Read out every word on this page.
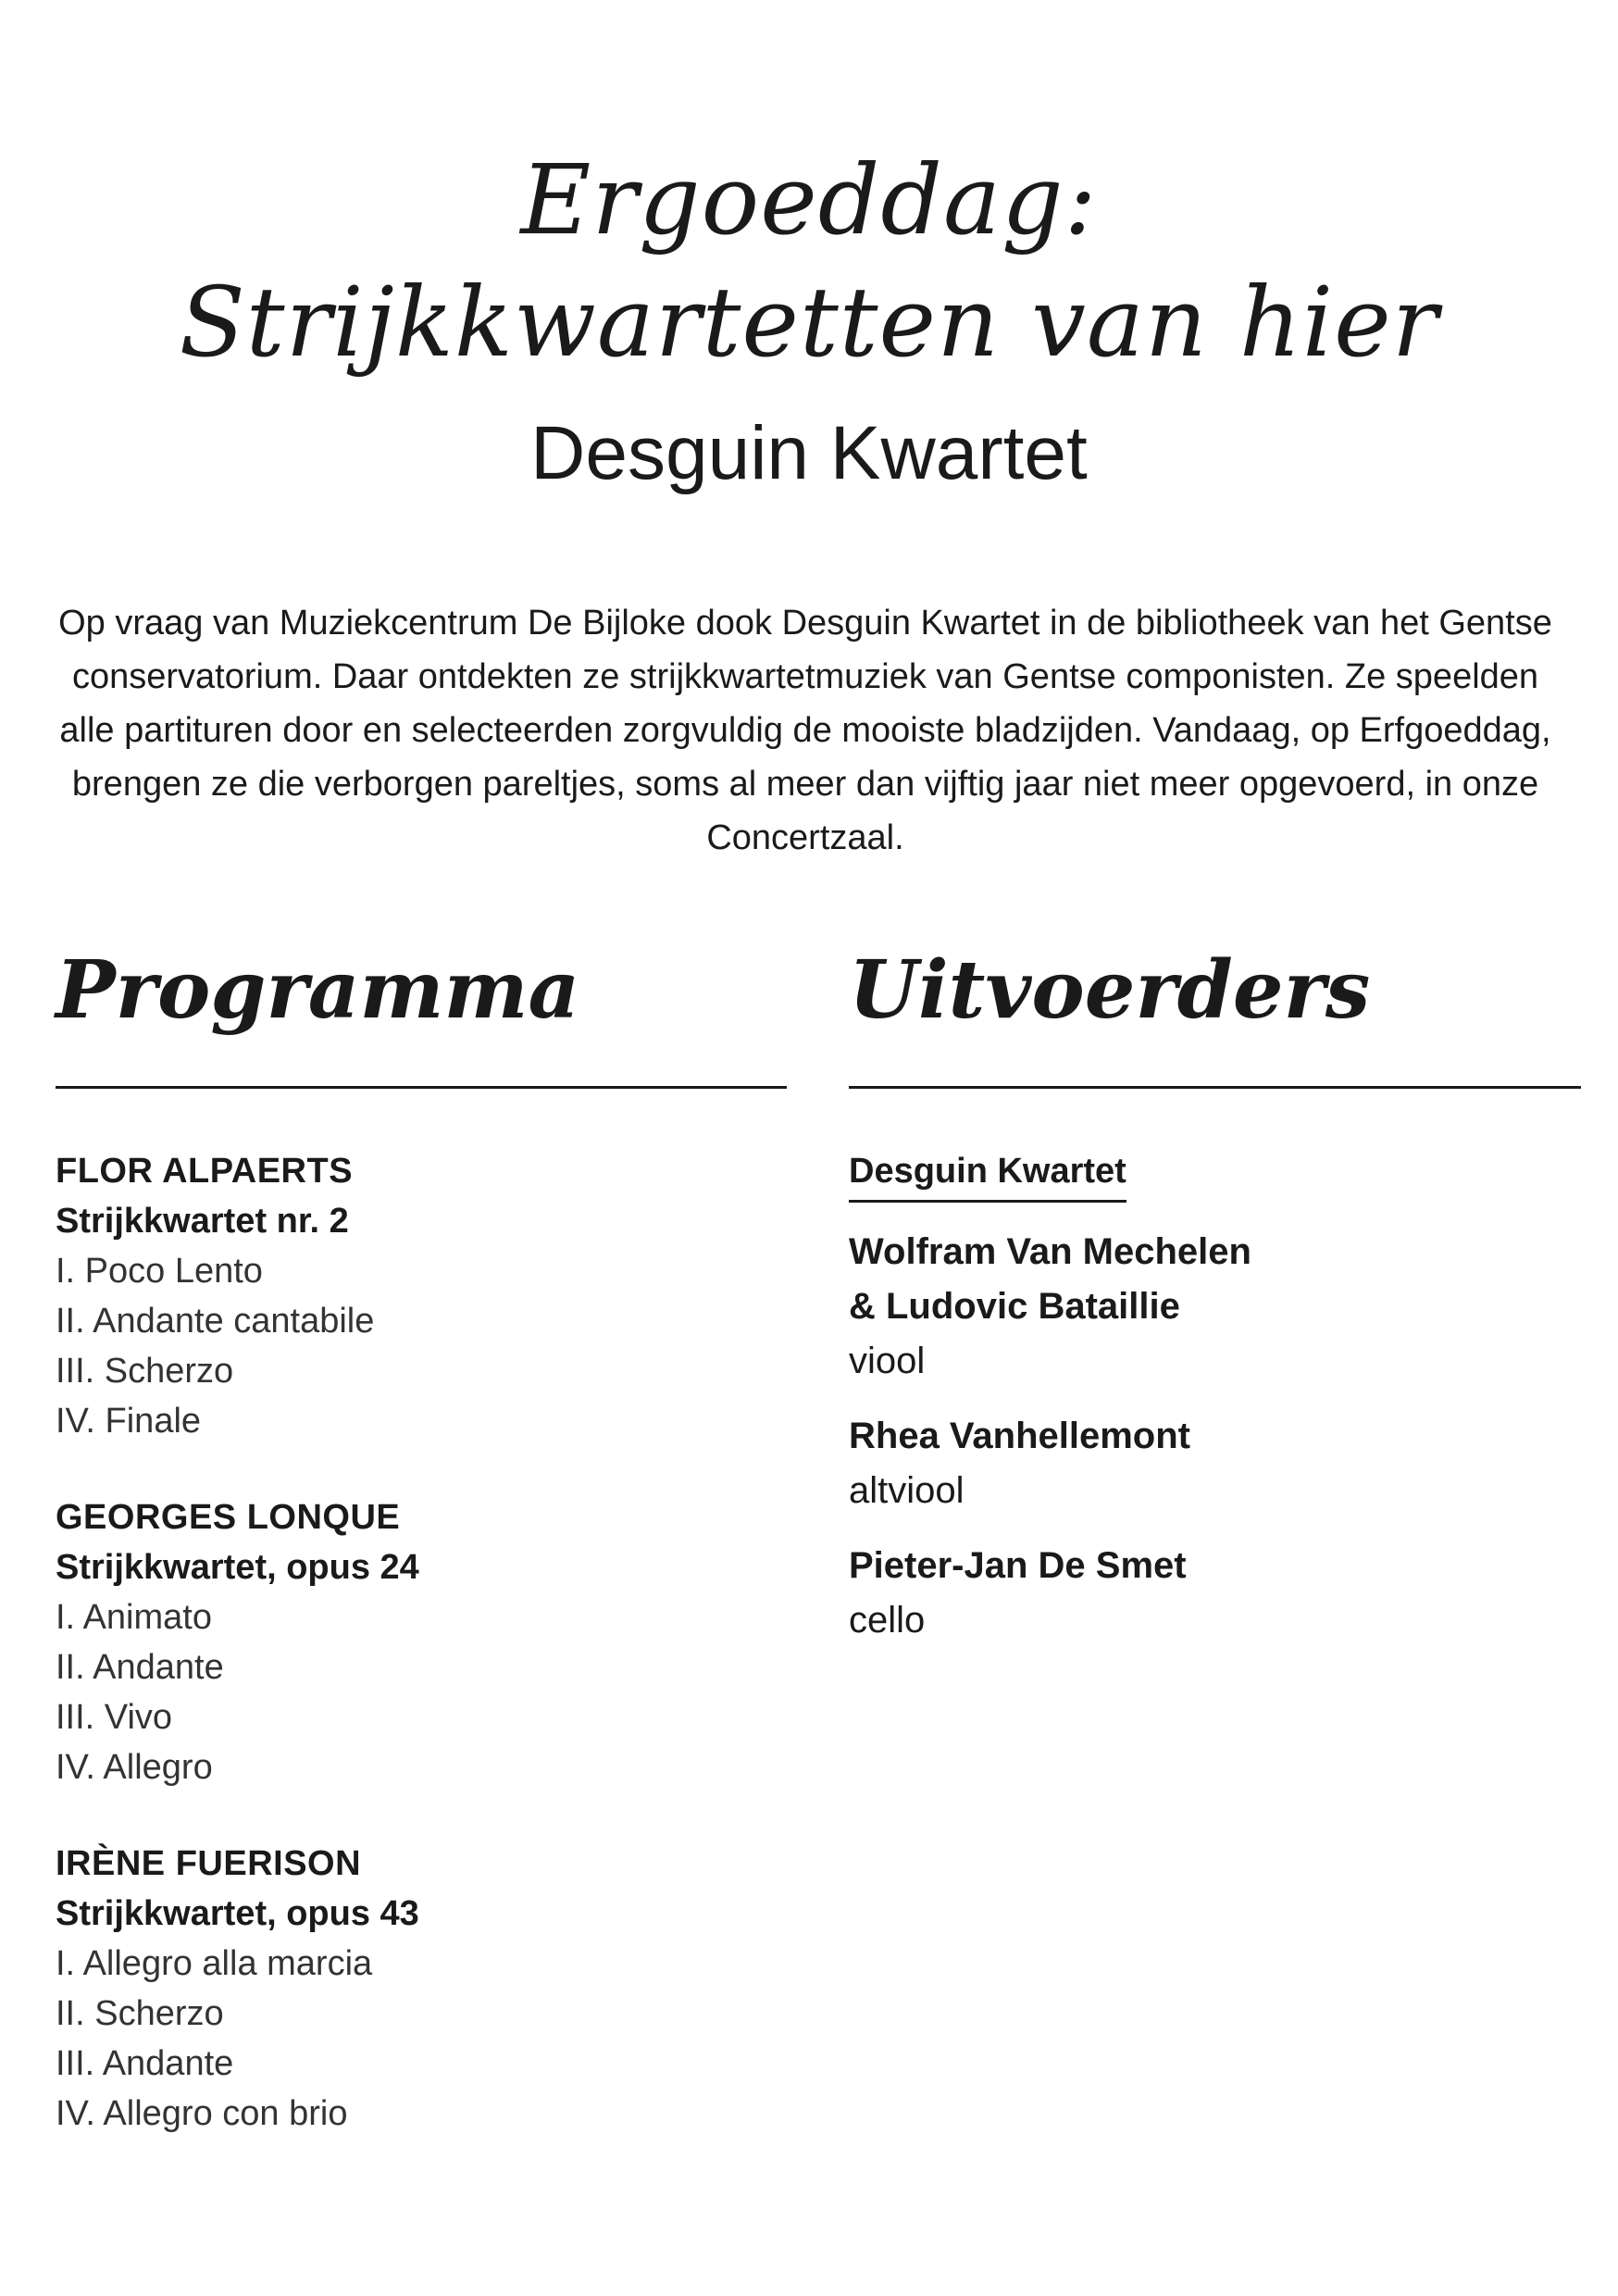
Ergoeddag:
Strijkkwartetten van hier
Desguin Kwartet

Op vraag van Muziekcentrum De Bijloke dook Desguin Kwartet in de bibliotheek van het Gentse conservatorium. Daar ontdekten ze strijkkwartetmuziek van Gentse componisten. Ze speelden alle partituren door en selecteerden zorgvuldig de mooiste bladzijden. Vandaag, op Erfgoeddag, brengen ze die verborgen pareltjes, soms al meer dan vijftig jaar niet meer opgevoerd, in onze Concertzaal.

Programma
FLOR ALPAERTS
Strijkkwartet nr. 2
I. Poco Lento
II. Andante cantabile
III. Scherzo
IV. Finale
GEORGES LONQUE
Strijkkwartet, opus 24
I. Animato
II. Andante
III. Vivo
IV. Allegro
IRÈNE FUERISON
Strijkkwartet, opus 43
I. Allegro alla marcia
II. Scherzo
III. Andante
IV. Allegro con brio
Uitvoerders
Desguin Kwartet
Wolfram Van Mechelen
& Ludovic Bataillie
viool
Rhea Vanhellemont
altviool
Pieter-Jan De Smet
cello
